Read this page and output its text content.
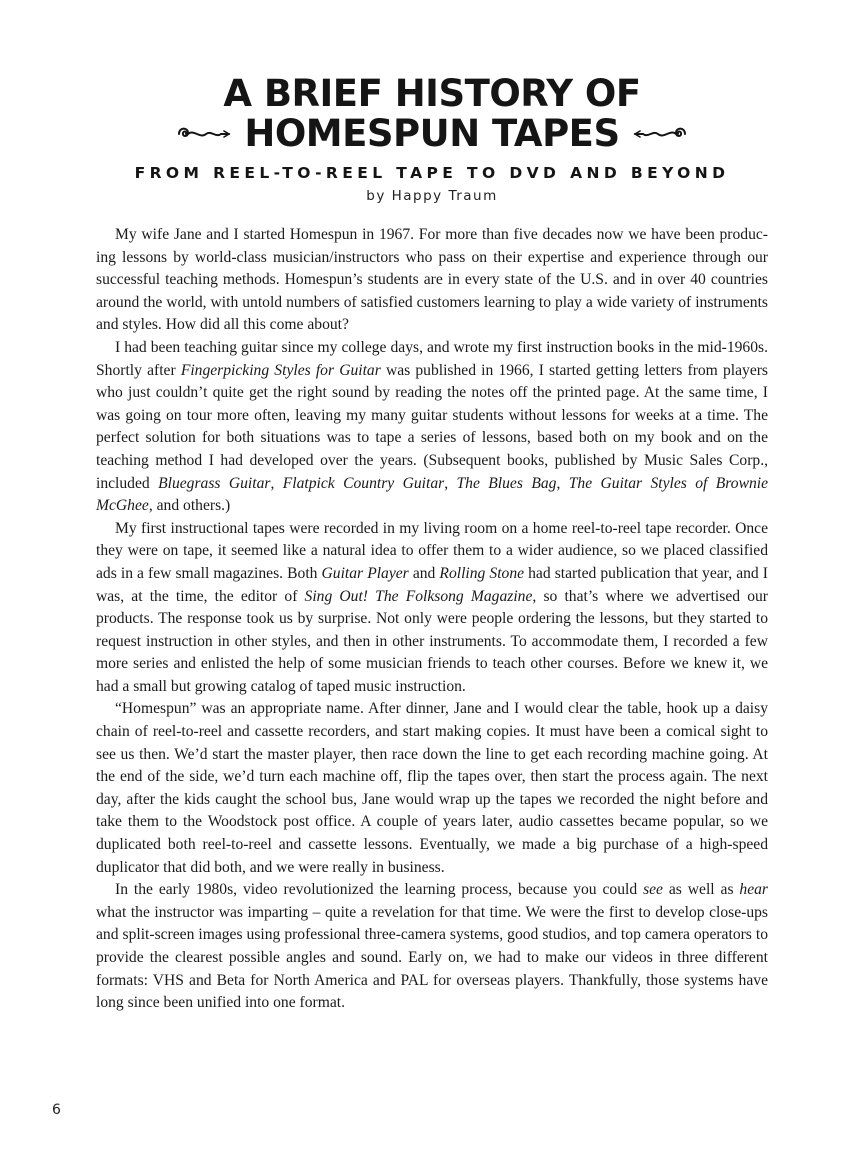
A BRIEF HISTORY OF
HOMESPUN TAPES
FROM REEL-TO-REEL TAPE TO DVD AND BEYOND
by Happy Traum

My wife Jane and I started Homespun in 1967. For more than five decades now we have been produc-ing lessons by world-class musician/instructors who pass on their expertise and experience through our successful teaching methods. Homespun’s students are in every state of the U.S. and in over 40 countries around the world, with untold numbers of satisfied customers learning to play a wide variety of instruments and styles. How did all this come about?

I had been teaching guitar since my college days, and wrote my first instruction books in the mid-1960s. Shortly after Fingerpicking Styles for Guitar was published in 1966, I started getting letters from players who just couldn’t quite get the right sound by reading the notes off the printed page. At the same time, I was going on tour more often, leaving my many guitar students without lessons for weeks at a time. The perfect solution for both situations was to tape a series of lessons, based both on my book and on the teaching method I had developed over the years. (Subsequent books, published by Music Sales Corp., included Bluegrass Guitar, Flatpick Country Guitar, The Blues Bag, The Guitar Styles of Brownie McGhee, and others.)

My first instructional tapes were recorded in my living room on a home reel-to-reel tape recorder. Once they were on tape, it seemed like a natural idea to offer them to a wider audience, so we placed classified ads in a few small magazines. Both Guitar Player and Rolling Stone had started publication that year, and I was, at the time, the editor of Sing Out! The Folksong Magazine, so that’s where we advertised our products. The response took us by surprise. Not only were people ordering the lessons, but they started to request instruction in other styles, and then in other instruments. To accommodate them, I recorded a few more series and enlisted the help of some musician friends to teach other courses. Before we knew it, we had a small but growing catalog of taped music instruction.

“Homespun” was an appropriate name. After dinner, Jane and I would clear the table, hook up a daisy chain of reel-to-reel and cassette recorders, and start making copies. It must have been a comical sight to see us then. We’d start the master player, then race down the line to get each recording machine going. At the end of the side, we’d turn each machine off, flip the tapes over, then start the process again. The next day, after the kids caught the school bus, Jane would wrap up the tapes we recorded the night before and take them to the Woodstock post office. A couple of years later, audio cassettes became popular, so we duplicated both reel-to-reel and cassette lessons. Eventually, we made a big purchase of a high-speed duplicator that did both, and we were really in business.

In the early 1980s, video revolutionized the learning process, because you could see as well as hear what the instructor was imparting – quite a revelation for that time. We were the first to develop close-ups and split-screen images using professional three-camera systems, good studios, and top camera operators to provide the clearest possible angles and sound. Early on, we had to make our videos in three different formats: VHS and Beta for North America and PAL for overseas players. Thankfully, those systems have long since been unified into one format.

6
